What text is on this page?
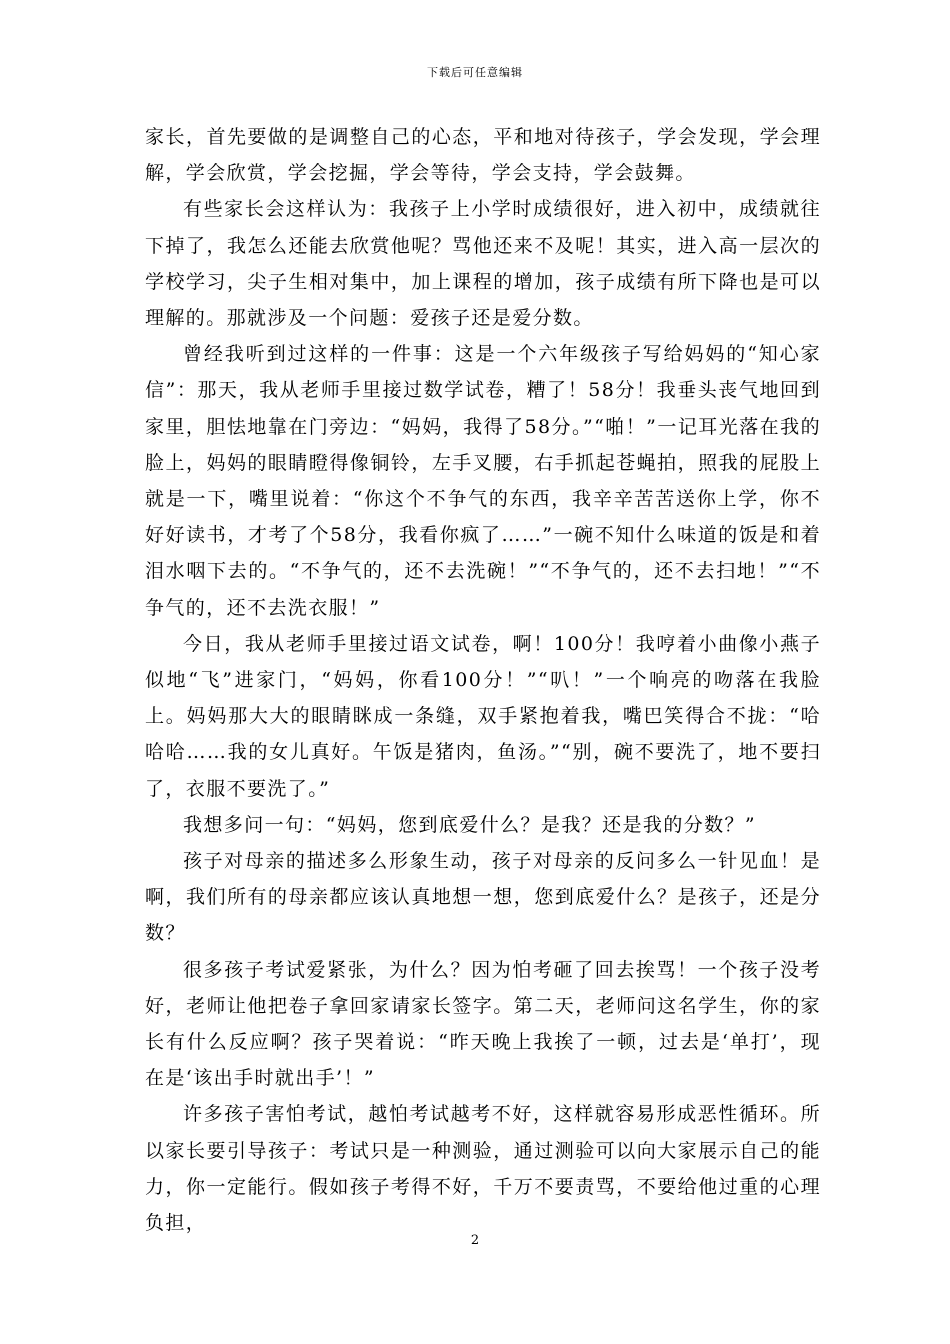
下载后可任意编辑

家长，首先要做的是调整自己的心态，平和地对待孩子，学会发现，学会理解，学会欣赏，学会挖掘，学会等待，学会支持，学会鼓舞。

有些家长会这样认为：我孩子上小学时成绩很好，进入初中，成绩就往下掉了，我怎么还能去欣赏他呢？骂他还来不及呢！其实，进入高一层次的学校学习，尖子生相对集中，加上课程的增加，孩子成绩有所下降也是可以理解的。那就涉及一个问题：爱孩子还是爱分数。

曾经我听到过这样的一件事：这是一个六年级孩子写给妈妈的“知心家信”：那天，我从老师手里接过数学试卷，糟了！58分！我垂头丧气地回到家里，胆怯地靠在门旁边：“妈妈，我得了58分。”“啪！”一记耳光落在我的脸上，妈妈的眼睛瞪得像铜铃，左手叉腰，右手抓起苍蝇拍，照我的屁股上就是一下，嘴里说着：“你这个不争气的东西，我辛辛苦苦送你上学，你不好好读书，才考了个58分，我看你疯了……”一碗不知什么味道的饭是和着泪水咽下去的。“不争气的，还不去洗碗！”“不争气的，还不去扫地！”“不争气的，还不去洗衣服！”

今日，我从老师手里接过语文试卷，啊！100分！我哼着小曲像小燕子似地“飞”进家门，“妈妈，你看100分！”“叭！”一个响亮的吻落在我脸上。妈妈那大大的眼睛眯成一条缝，双手紧抱着我，嘴巴笑得合不拢：“哈哈哈……我的女儿真好。午饭是猪肉，鱼汤。”“别，碗不要洗了，地不要扫了，衣服不要洗了。”

我想多问一句：“妈妈，您到底爱什么？是我？还是我的分数？”

孩子对母亲的描述多么形象生动，孩子对母亲的反问多么一针见血！是啊，我们所有的母亲都应该认真地想一想，您到底爱什么？是孩子，还是分数？

很多孩子考试爱紧张，为什么？因为怕考砸了回去挨骂！一个孩子没考好，老师让他把卷子拿回家请家长签字。第二天，老师问这名学生，你的家长有什么反应啊？孩子哭着说：“昨天晚上我挨了一顿，过去是‘单打’，现在是‘该出手时就出手’！”

许多孩子害怕考试，越怕考试越考不好，这样就容易形成恶性循环。所以家长要引导孩子：考试只是一种测验，通过测验可以向大家展示自己的能力，你一定能行。假如孩子考得不好，千万不要责骂，不要给他过重的心理负担，

2
